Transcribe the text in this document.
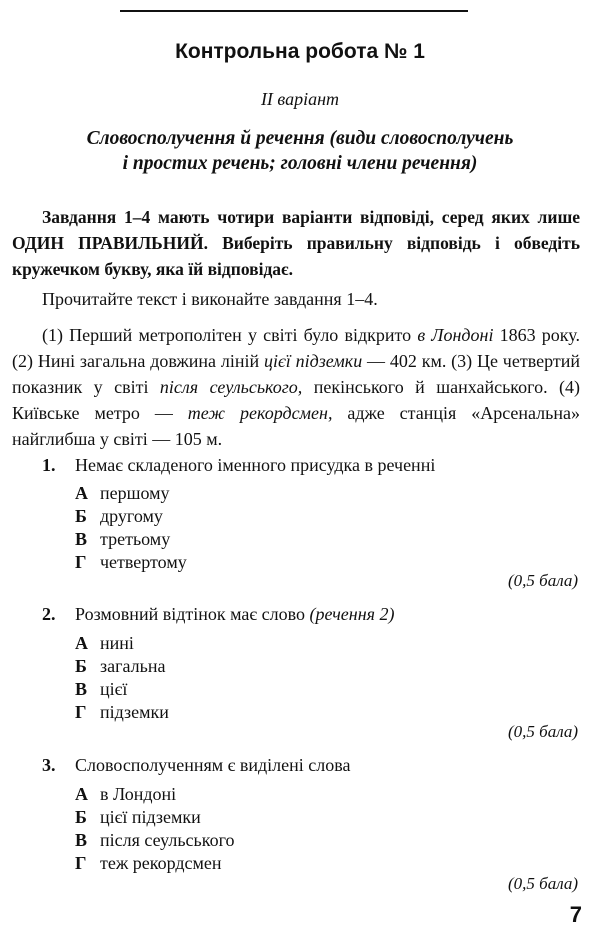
Контрольна робота № 1
II варіант
Словосполучення й речення (види словосполучень
і простих речень; головні члени речення)
Завдання 1–4 мають чотири варіанти відповіді, серед яких лише ОДИН ПРАВИЛЬНИЙ. Виберіть правильну відповідь і обведіть кружечком букву, яка їй відповідає.
Прочитайте текст і виконайте завдання 1–4.
(1) Перший метрополітен у світі було відкрито в Лондоні 1863 року. (2) Нині загальна довжина ліній цієї підземки — 402 км. (3) Це четвертий показник у світі після сеульського, пекінського й шанхайського. (4) Київське метро — теж рекордсмен, адже станція «Арсенальна» найглибша у світі — 105 м.
1. Немає складеного іменного присудка в реченні
А першому
Б другому
В третьому
Г четвертому
(0,5 бала)
2. Розмовний відтінок має слово (речення 2)
А нині
Б загальна
В цієї
Г підземки
(0,5 бала)
3. Словосполученням є виділені слова
А в Лондоні
Б цієї підземки
В після сеульського
Г теж рекордсмен
(0,5 бала)
7
